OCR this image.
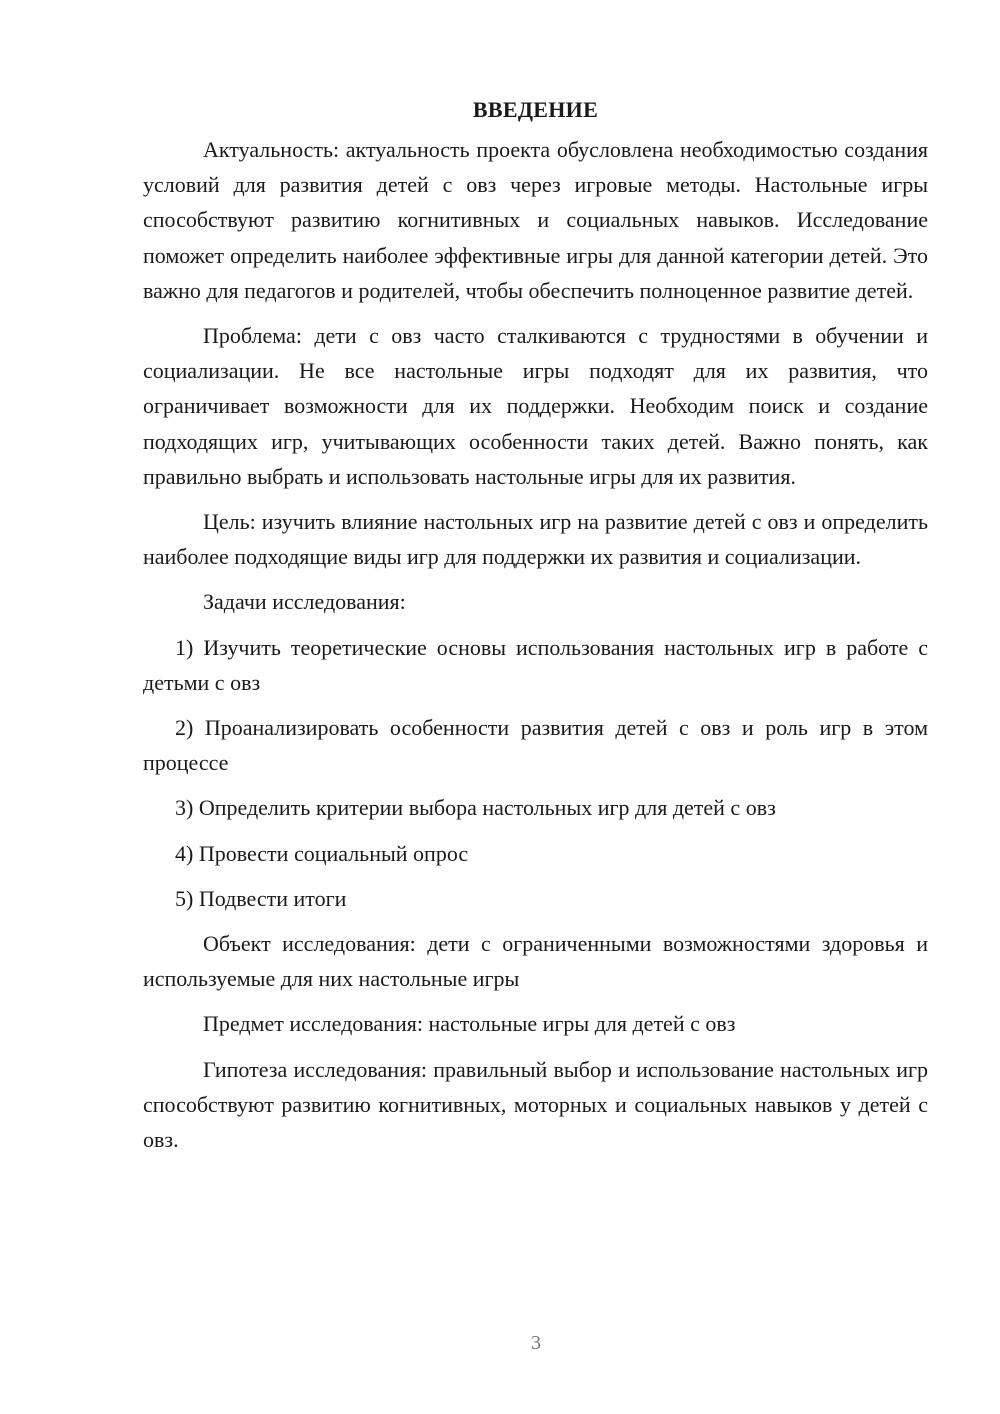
ВВЕДЕНИЕ

Актуальность: актуальность проекта обусловлена необходимостью создания условий для развития детей с овз через игровые методы. Настольные игры способствуют развитию когнитивных и социальных навыков. Исследование поможет определить наиболее эффективные игры для данной категории детей. Это важно для педагогов и родителей, чтобы обеспечить полноценное развитие детей.

Проблема: дети с овз часто сталкиваются с трудностями в обучении и социализации. Не все настольные игры подходят для их развития, что ограничивает возможности для их поддержки. Необходим поиск и создание подходящих игр, учитывающих особенности таких детей. Важно понять, как правильно выбрать и использовать настольные игры для их развития.

Цель: изучить влияние настольных игр на развитие детей с овз и определить наиболее подходящие виды игр для поддержки их развития и социализации.

Задачи исследования:

1) Изучить теоретические основы использования настольных игр в работе с детьми с овз

2) Проанализировать особенности развития детей с овз и роль игр в этом процессе

3) Определить критерии выбора настольных игр для детей с овз

4) Провести социальный опрос

5) Подвести итоги

Объект исследования: дети с ограниченными возможностями здоровья и используемые для них настольные игры

Предмет исследования: настольные игры для детей с овз

Гипотеза исследования: правильный выбор и использование настольных игр способствуют развитию когнитивных, моторных и социальных навыков у детей с овз.

3
